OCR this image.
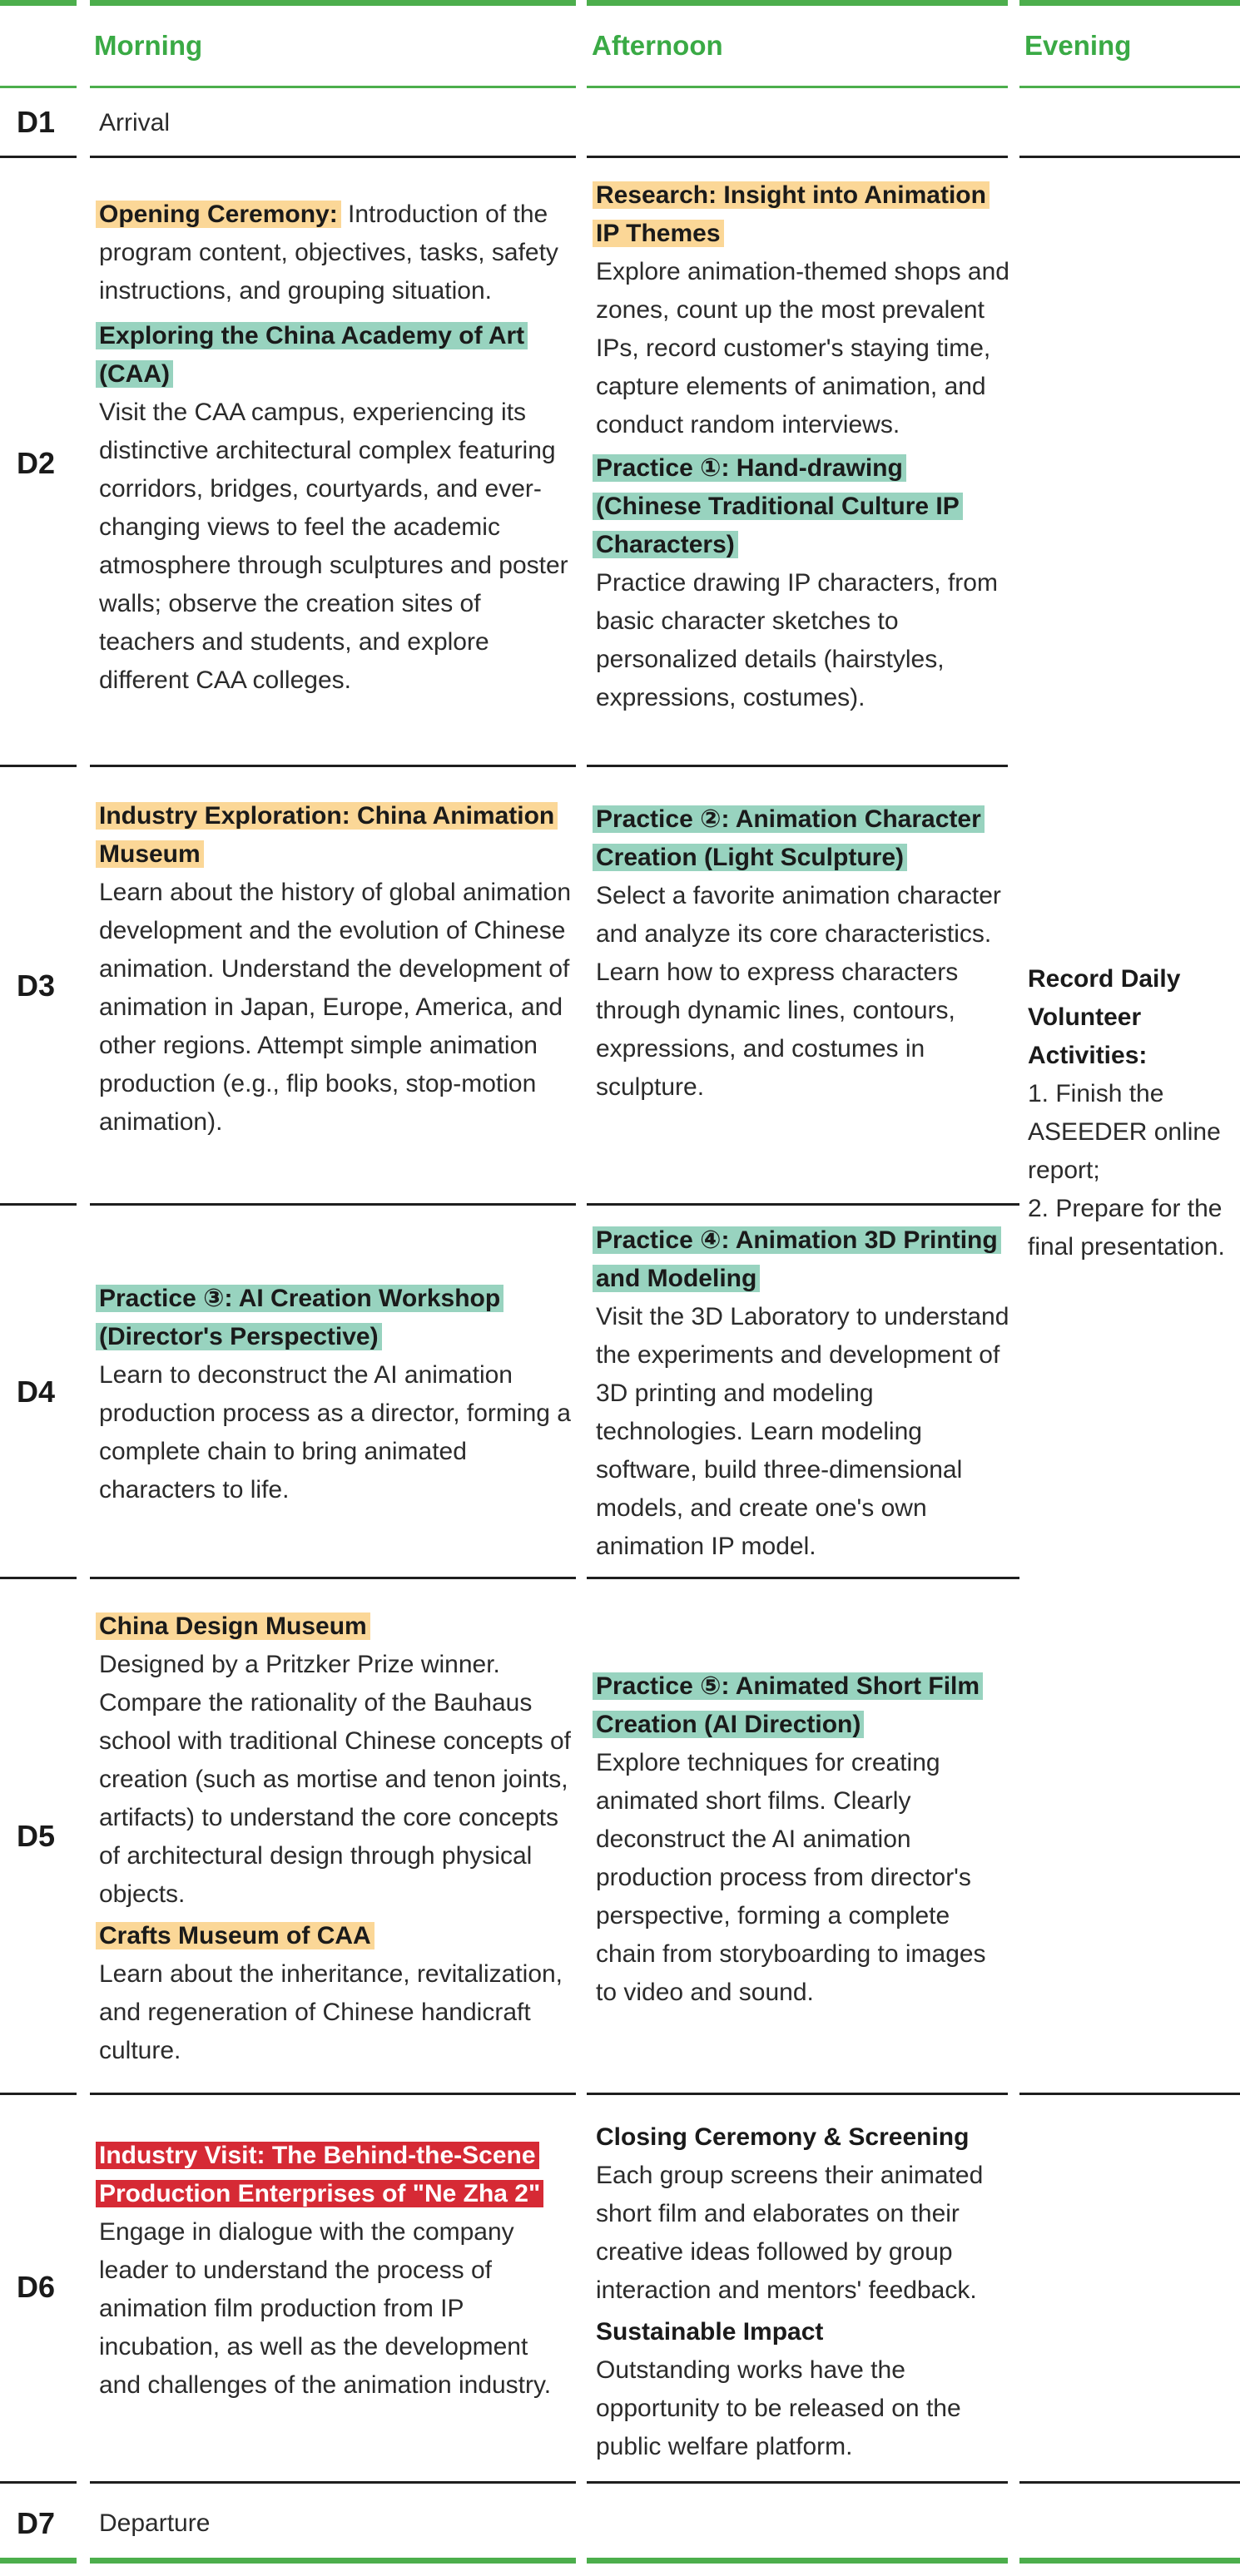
Morning	Afternoon	Evening
D1 Arrival
D2

Opening Ceremony: Introduction of the program content, objectives, tasks, safety instructions, and grouping situation.

Exploring the China Academy of Art (CAA)

Visit the CAA campus, experiencing its distinctive architectural complex featuring corridors, bridges, courtyards, and ever-changing views to feel the academic atmosphere through sculptures and poster walls; observe the creation sites of teachers and students, and explore different CAA colleges.

Research: Insight into Animation IP Themes

Explore animation-themed shops and zones, count up the most prevalent IPs, record customer's staying time, capture elements of animation, and conduct random interviews.

Practice ①: Hand-drawing (Chinese Traditional Culture IP Characters)

Practice drawing IP characters, from basic character sketches to personalized details (hairstyles, expressions, costumes).

D3

Industry Exploration: China Animation Museum

Learn about the history of global animation development and the evolution of Chinese animation. Understand the development of animation in Japan, Europe, America, and other regions. Attempt simple animation production (e.g., flip books, stop-motion animation).

Practice ②: Animation Character Creation (Light Sculpture)

Select a favorite animation character and analyze its core characteristics. Learn how to express characters through dynamic lines, contours, expressions, and costumes in sculpture.

Record Daily Volunteer Activities:

1. Finish the ASEEDER online report;

2. Prepare for the final presentation.

D4

Practice ③: AI Creation Workshop (Director's Perspective)

Learn to deconstruct the AI animation production process as a director, forming a complete chain to bring animated characters to life.

Practice ④: Animation 3D Printing and Modeling

Visit the 3D Laboratory to understand the experiments and development of 3D printing and modeling technologies. Learn modeling software, build three-dimensional models, and create one's own animation IP model.

D5

China Design Museum

Designed by a Pritzker Prize winner. Compare the rationality of the Bauhaus school with traditional Chinese concepts of creation (such as mortise and tenon joints, artifacts) to understand the core concepts of architectural design through physical objects.

Crafts Museum of CAA

Learn about the inheritance, revitalization, and regeneration of Chinese handicraft culture.

Practice ⑤: Animated Short Film Creation (AI Direction)

Explore techniques for creating animated short films. Clearly deconstruct the AI animation production process from director's perspective, forming a complete chain from storyboarding to images to video and sound.

D6

Industry Visit: The Behind-the-Scene Production Enterprises of "Ne Zha 2"

Engage in dialogue with the company leader to understand the process of animation film production from IP incubation, as well as the development and challenges of the animation industry.

Closing Ceremony & Screening

Each group screens their animated short film and elaborates on their creative ideas followed by group interaction and mentors' feedback.

Sustainable Impact

Outstanding works have the opportunity to be released on the public welfare platform.

D7 Departure
